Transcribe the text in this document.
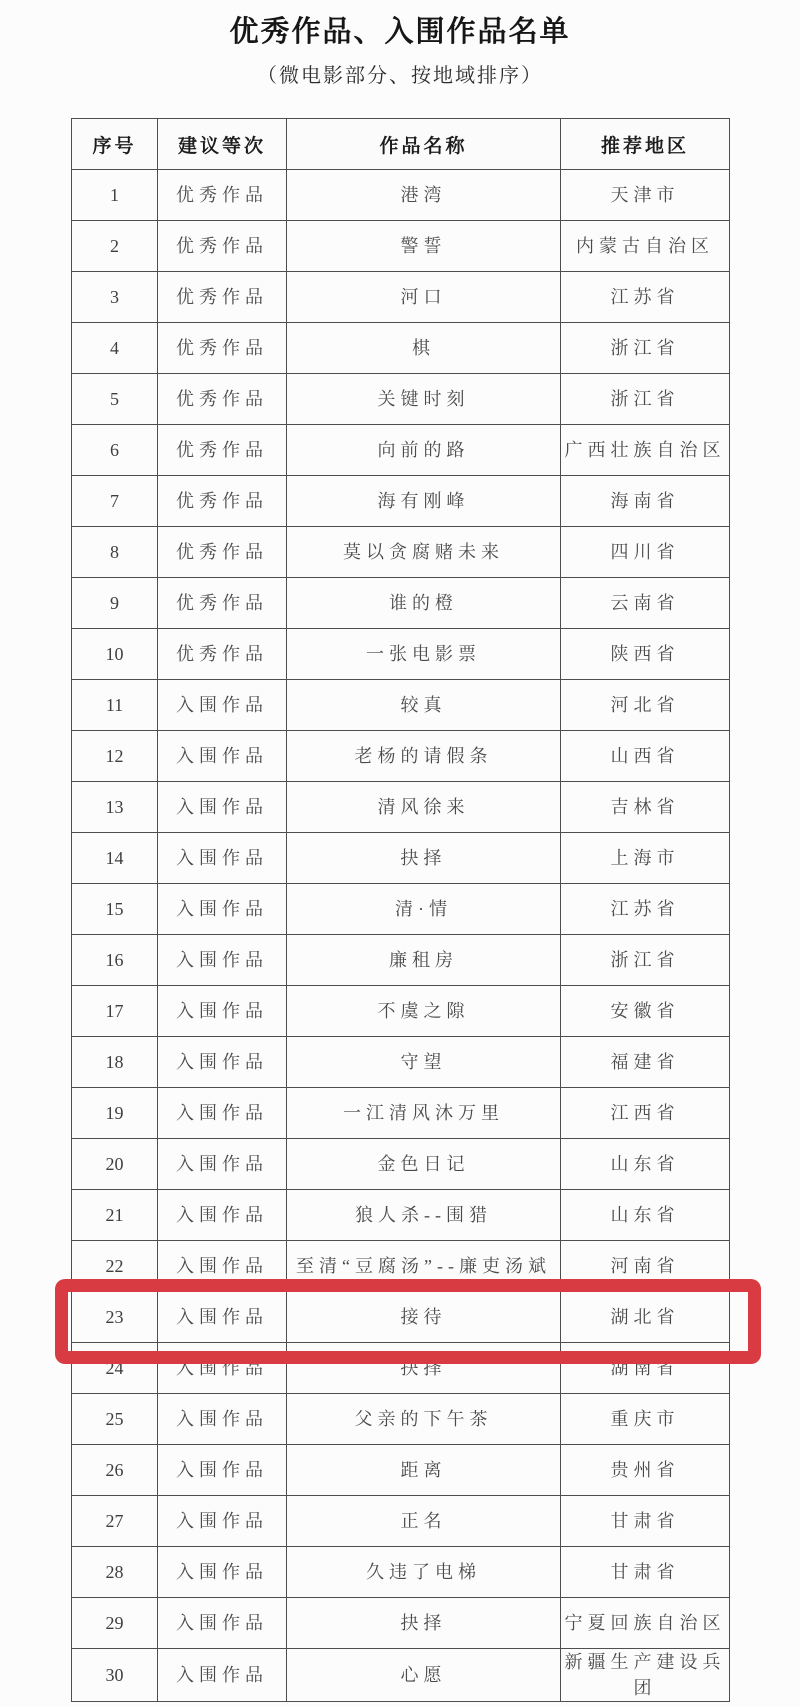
优秀作品、入围作品名单
（微电影部分、按地域排序）
序号	建议等次	作品名称	推荐地区
1	优秀作品	港湾	天津市
2	优秀作品	警誓	内蒙古自治区
3	优秀作品	河口	江苏省
4	优秀作品	棋	浙江省
5	优秀作品	关键时刻	浙江省
6	优秀作品	向前的路	广西壮族自治区
7	优秀作品	海有刚峰	海南省
8	优秀作品	莫以贪腐赌未来	四川省
9	优秀作品	谁的橙	云南省
10	优秀作品	一张电影票	陕西省
11	入围作品	较真	河北省
12	入围作品	老杨的请假条	山西省
13	入围作品	清风徐来	吉林省
14	入围作品	抉择	上海市
15	入围作品	清·情	江苏省
16	入围作品	廉租房	浙江省
17	入围作品	不虞之隙	安徽省
18	入围作品	守望	福建省
19	入围作品	一江清风沐万里	江西省
20	入围作品	金色日记	山东省
21	入围作品	狼人杀--围猎	山东省
22	入围作品	至清“豆腐汤”--廉吏汤斌	河南省
23	入围作品	接待	湖北省
24	入围作品	抉择	湖南省
25	入围作品	父亲的下午茶	重庆市
26	入围作品	距离	贵州省
27	入围作品	正名	甘肃省
28	入围作品	久违了电梯	甘肃省
29	入围作品	抉择	宁夏回族自治区
30	入围作品	心愿	新疆生产建设兵团
